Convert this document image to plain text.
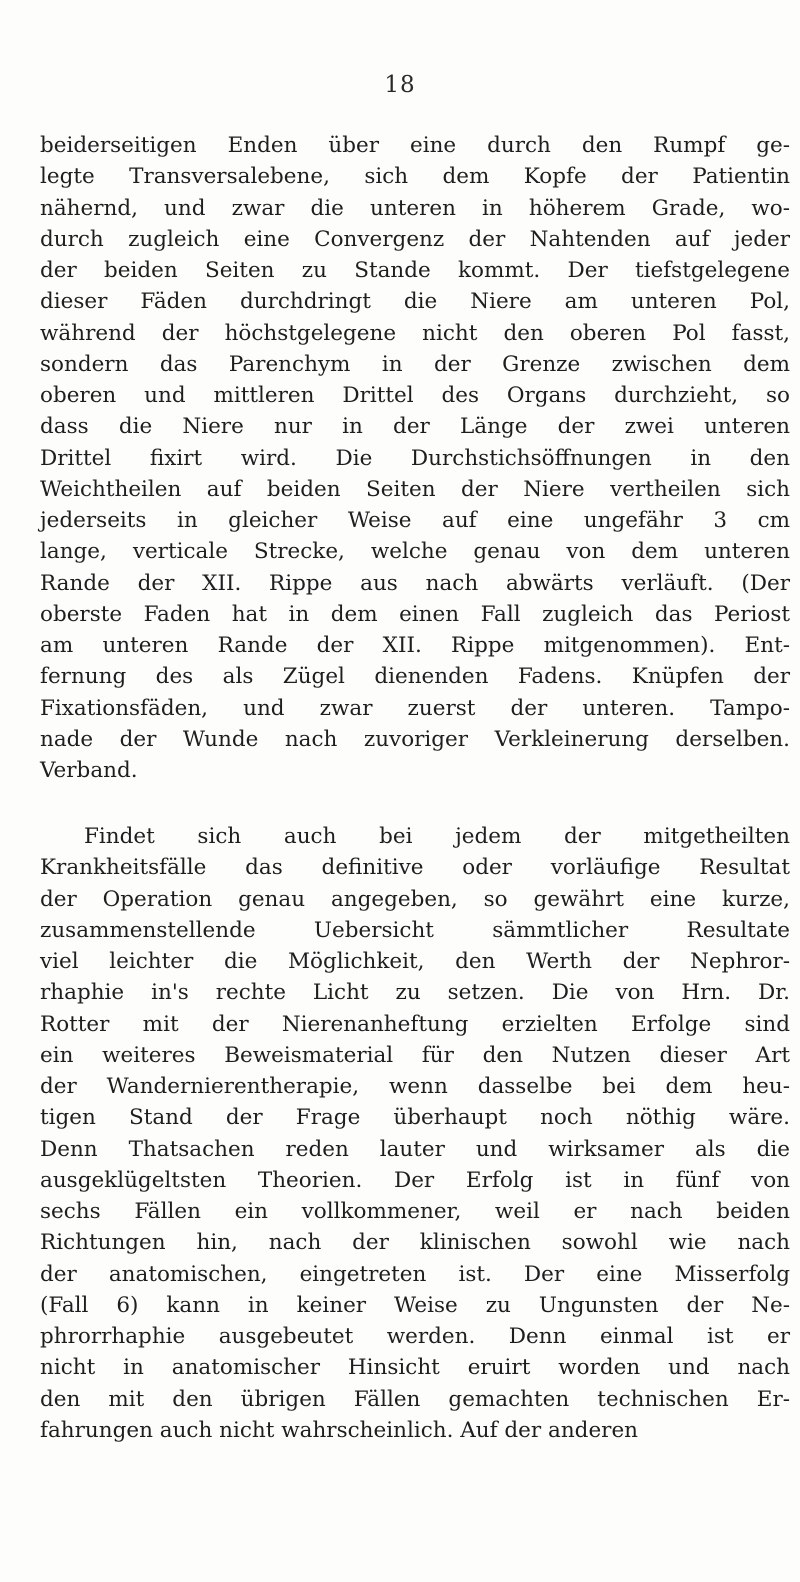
18
beiderseitigen Enden über eine durch den Rumpf ge-
legte Transversalebene, sich dem Kopfe der Patientin
nähernd, und zwar die unteren in höherem Grade, wo-
durch zugleich eine Convergenz der Nahtenden auf jeder
der beiden Seiten zu Stande kommt. Der tiefstgelegene
dieser Fäden durchdringt die Niere am unteren Pol,
während der höchstgelegene nicht den oberen Pol fasst,
sondern das Parenchym in der Grenze zwischen dem
oberen und mittleren Drittel des Organs durchzieht, so
dass die Niere nur in der Länge der zwei unteren
Drittel fixirt wird. Die Durchstichsöffnungen in den
Weichtheilen auf beiden Seiten der Niere vertheilen sich
jederseits in gleicher Weise auf eine ungefähr 3 cm
lange, verticale Strecke, welche genau von dem unteren
Rande der XII. Rippe aus nach abwärts verläuft. (Der
oberste Faden hat in dem einen Fall zugleich das Periost
am unteren Rande der XII. Rippe mitgenommen). Ent-
fernung des als Zügel dienenden Fadens. Knüpfen der
Fixationsfäden, und zwar zuerst der unteren. Tampo-
nade der Wunde nach zuvoriger Verkleinerung derselben.
Verband.
Findet sich auch bei jedem der mitgetheilten
Krankheitsfälle das definitive oder vorläufige Resultat
der Operation genau angegeben, so gewährt eine kurze,
zusammenstellende Uebersicht sämmtlicher Resultate
viel leichter die Möglichkeit, den Werth der Nephror-
rhaphie in's rechte Licht zu setzen. Die von Hrn. Dr.
Rotter mit der Nierenanheftung erzielten Erfolge sind
ein weiteres Beweismaterial für den Nutzen dieser Art
der Wandernierentherapie, wenn dasselbe bei dem heu-
tigen Stand der Frage überhaupt noch nöthig wäre.
Denn Thatsachen reden lauter und wirksamer als die
ausgeklügeltsten Theorien. Der Erfolg ist in fünf von
sechs Fällen ein vollkommener, weil er nach beiden
Richtungen hin, nach der klinischen sowohl wie nach
der anatomischen, eingetreten ist. Der eine Misserfolg
(Fall 6) kann in keiner Weise zu Ungunsten der Ne-
phrorrhaphie ausgebeutet werden. Denn einmal ist er
nicht in anatomischer Hinsicht eruirt worden und nach
den mit den übrigen Fällen gemachten technischen Er-
fahrungen auch nicht wahrscheinlich. Auf der anderen
